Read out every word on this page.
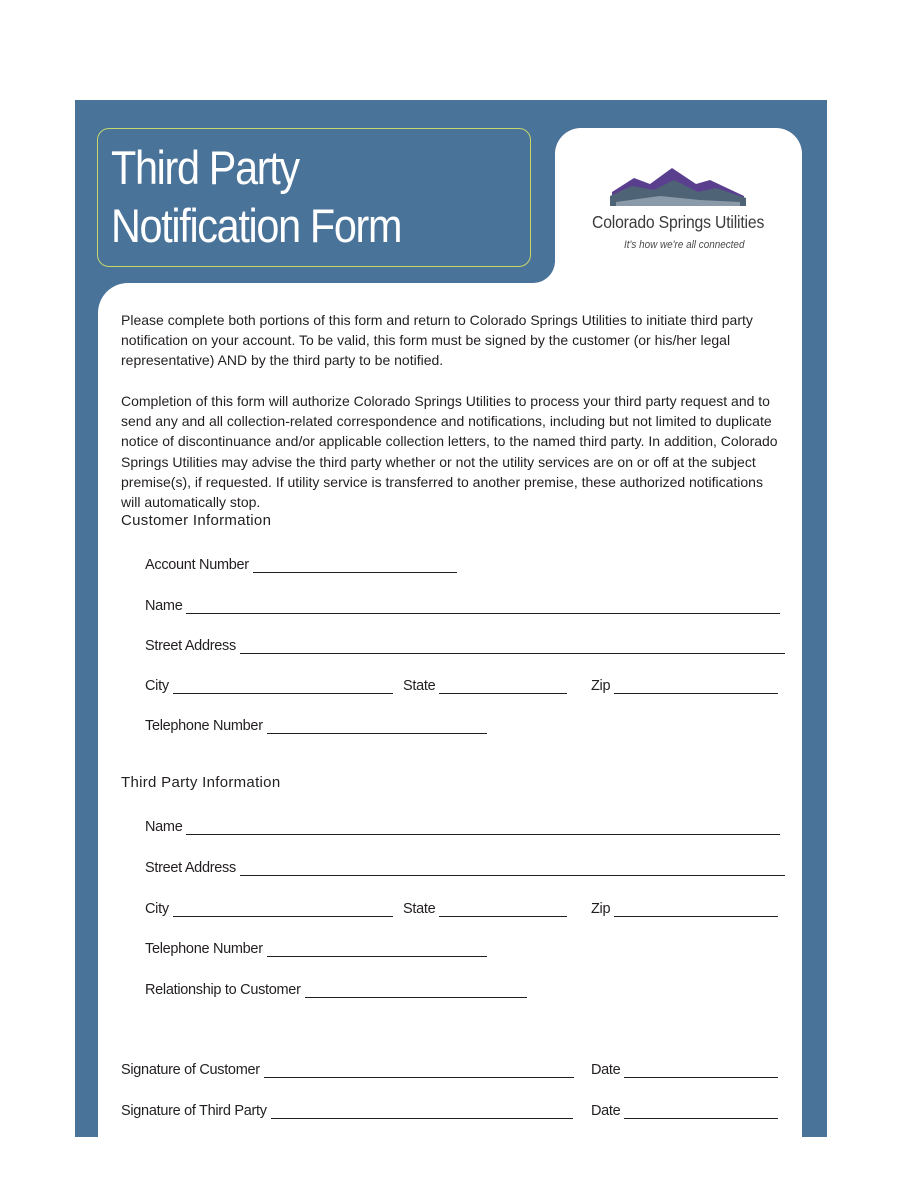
Third Party
Notification Form	Colorado Springs Utilities
It's how we're all connected
Please complete both portions of this form and return to Colorado Springs Utilities to initiate third party notification on your account. To be valid, this form must be signed by the customer (or his/her legal representative) AND by the third party to be notified.
Completion of this form will authorize Colorado Springs Utilities to process your third party request and to send any and all collection-related correspondence and notifications, including but not limited to duplicate notice of discontinuance and/or applicable collection letters, to the named third party. In addition, Colorado Springs Utilities may advise the third party whether or not the utility services are on or off at the subject premise(s), if requested. If utility service is transferred to another premise, these authorized notifications will automatically stop.
Customer Information
Account Number
Name
Street Address
City	State	Zip
Telephone Number
Third Party Information
Name
Street Address
City	State	Zip
Telephone Number
Relationship to Customer
Signature of Customer	Date
Signature of Third Party	Date
